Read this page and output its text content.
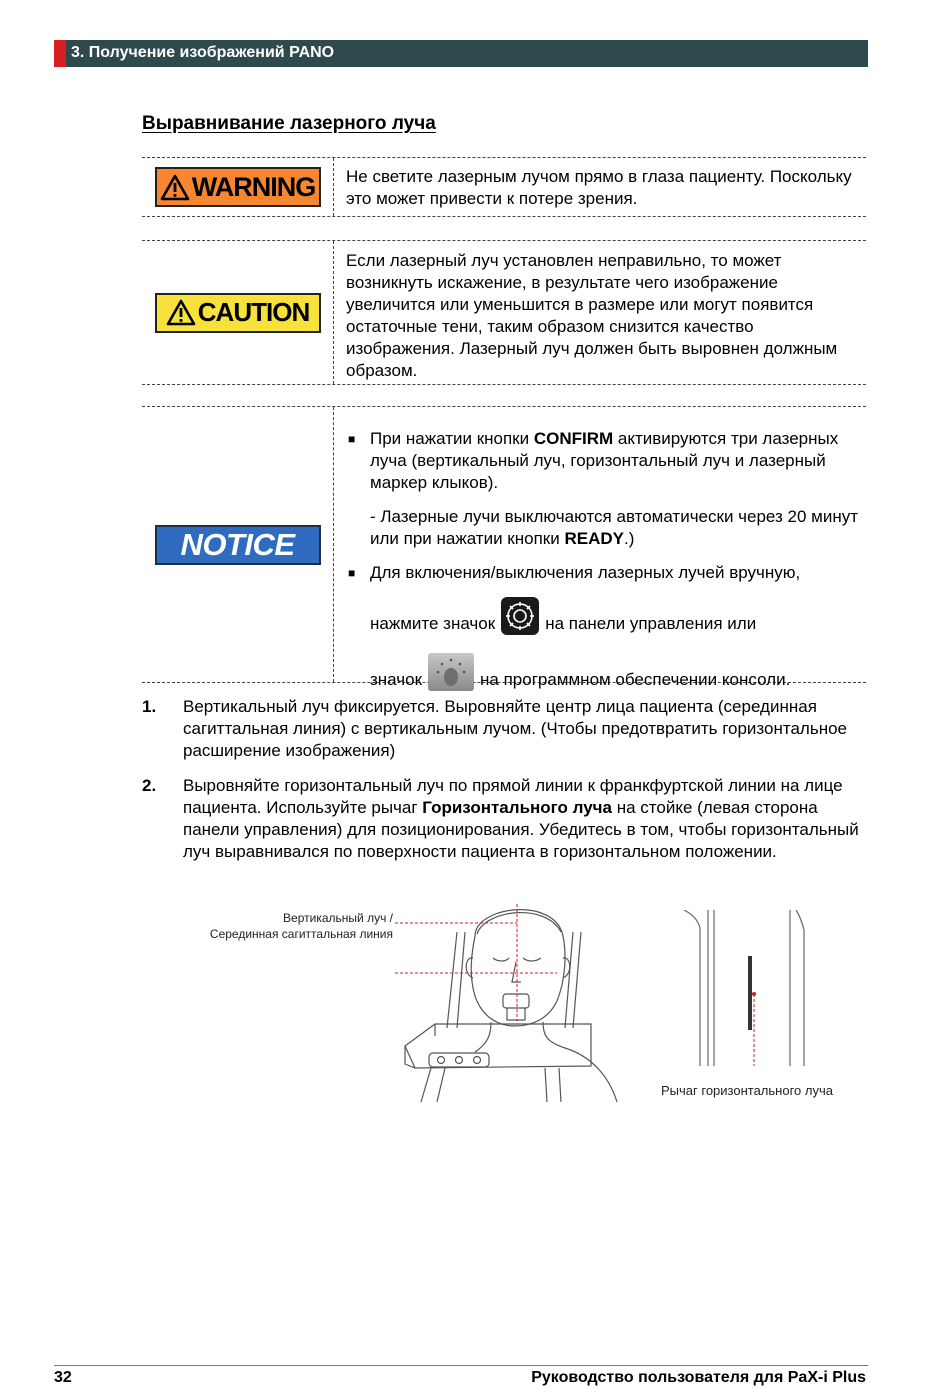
3. Получение изображений PANO
Выравнивание лазерного луча
WARNING Не светите лазерным лучом прямо в глаза пациенту. Поскольку это может привести к потере зрения.
CAUTION
Если лазерный луч установлен неправильно, то может возникнуть искажение, в результате чего изображение увеличится или уменьшится в размере или могут появится остаточные тени, таким образом снизится качество изображения. Лазерный луч должен быть выровнен должным образом.
NOTICE
■ При нажатии кнопки CONFIRM активируются три лазерных луча (вертикальный луч, горизонтальный луч и лазерный маркер клыков).
- Лазерные лучи выключаются автоматически через 20 минут или при нажатии кнопки READY.)
■ Для включения/выключения лазерных лучей вручную,
нажмите значок	на панели управления или
значок	на программном обеспечении консоли.
1. Вертикальный луч фиксируется. Выровняйте центр лица пациента (серединная сагиттальная линия) с вертикальным лучом. (Чтобы предотвратить горизонтальное расширение изображения)
2. Выровняйте горизонтальный луч по прямой линии к франкфуртской линии на лице пациента. Используйте рычаг Горизонтального луча на стойке (левая сторона панели управления) для позиционирования. Убедитесь в том, чтобы горизонтальный луч выравнивался по поверхности пациента в горизонтальном положении.
Вертикальный луч /
Серединная сагиттальная линия
Рычаг горизонтального луча
32	Руководство пользователя для PaX-i Plus
